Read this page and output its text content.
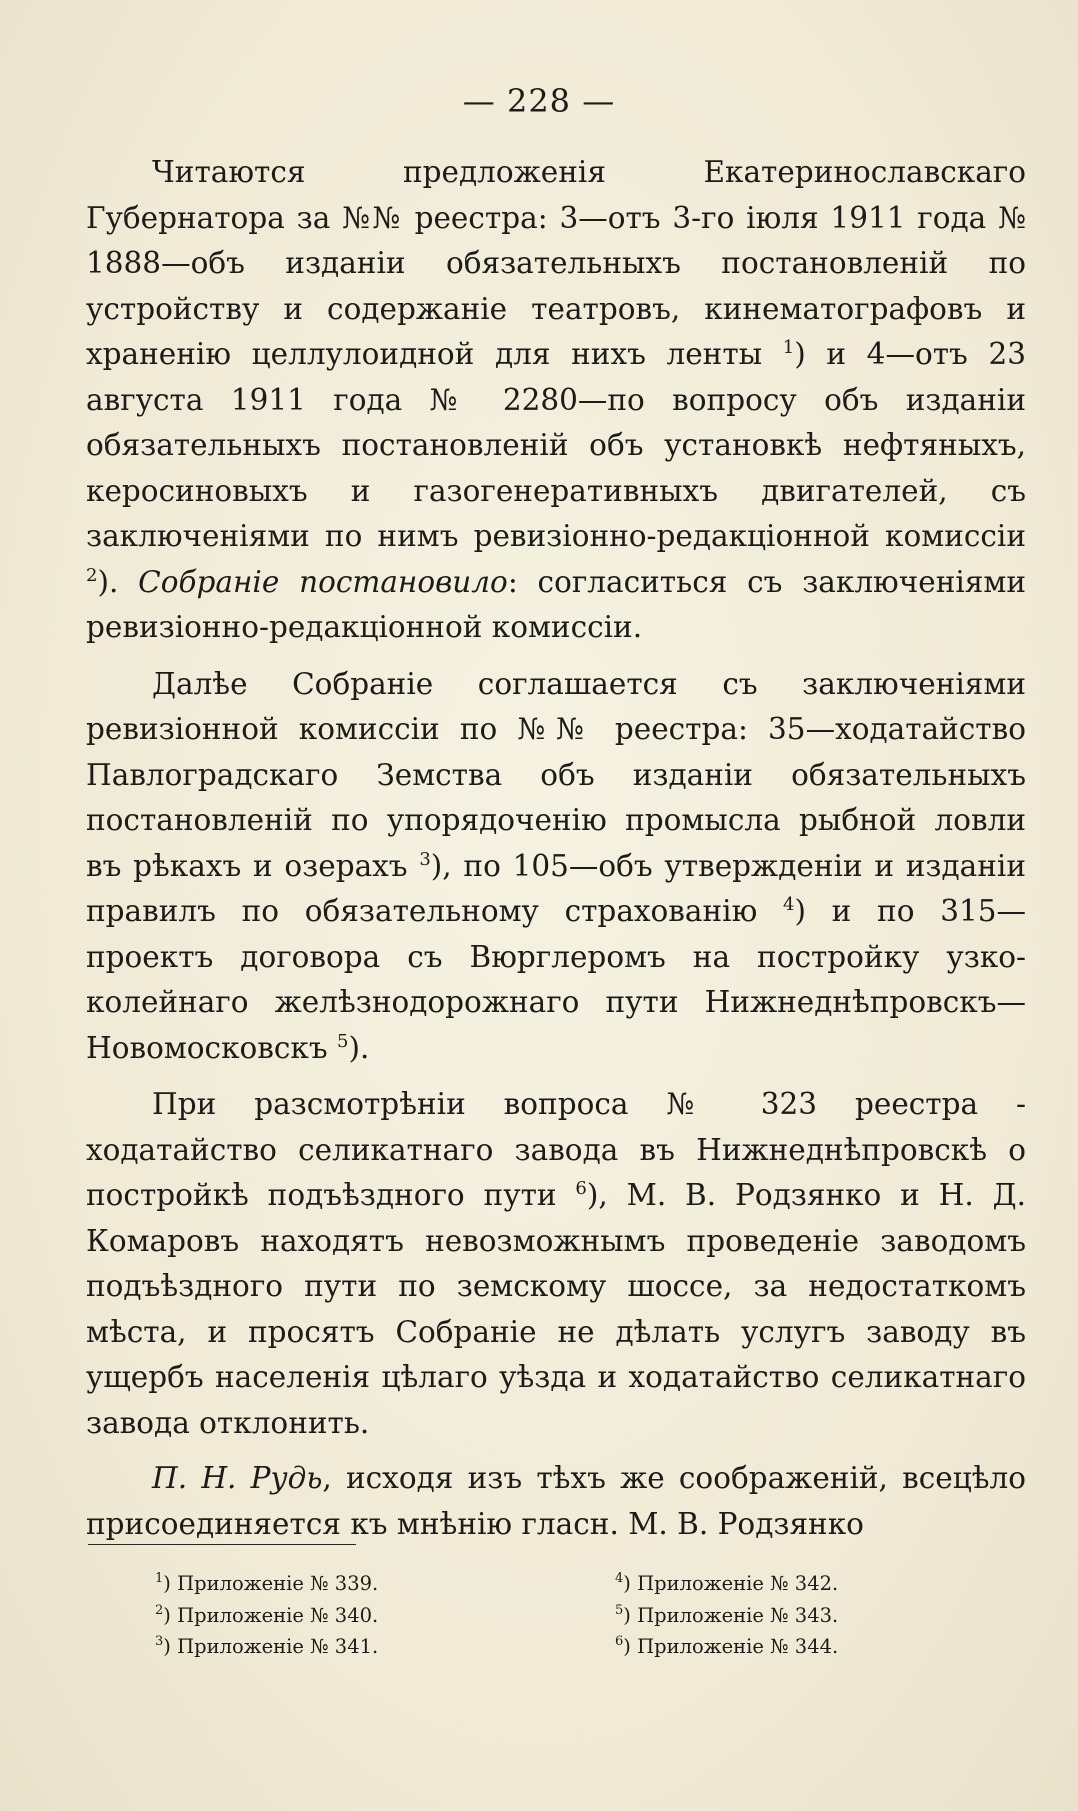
— 228 —

Читаются предложенія Екатеринославскаго Губернатора за №№ реестра: 3—отъ 3-го іюля 1911 года № 1888—объ изданіи обязательныхъ постановленій по устройству и содержаніе театровъ, кинематографовъ и храненію целлулоидной для нихъ ленты $^1$) и 4—отъ 23 августа 1911 года № 2280—по вопросу объ изданіи обязательныхъ постановленій объ установкѣ нефтяныхъ, керосиновыхъ и газогенеративныхъ двигателей, съ заключеніями по нимъ ревизіонно-редакціонной комиссіи $^2$). Собраніе постановило: согласиться съ заключеніями ревизіонно-редакціонной комиссіи.

Далѣе Собраніе соглашается съ заключеніями ревизіонной комиссіи по №№ реестра: 35—ходатайство Павлоградскаго Земства объ изданіи обязательныхъ постановленій по упорядоченію промысла рыбной ловли въ рѣкахъ и озерахъ $^3$), по 105—объ утвержденіи и изданіи правилъ по обязательному страхованію $^4$) и по 315—проектъ договора съ Вюрглеромъ на постройку узко-колейнаго желѣзнодорожнаго пути Нижнеднѣпровскъ—Новомосковскъ $^5$).

При разсмотрѣніи вопроса № 323 реестра - ходатайство селикатнаго завода въ Нижнеднѣпровскѣ о постройкѣ подъѣздного пути $^6$), М. В. Родзянко и Н. Д. Комаровъ находятъ невозможнымъ проведеніе заводомъ подъѣздного пути по земскому шоссе, за недостаткомъ мѣста, и просятъ Собраніе не дѣлать услугъ заводу въ ущербъ населенія цѣлаго уѣзда и ходатайство селикатнаго завода отклонить.

П. Н. Рудь, исходя изъ тѣхъ же соображеній, всецѣло присоединяется къ мнѣнію гласн. М. В. Родзянко

$^1$) Приложеніе № 339.
$^2$) Приложеніе № 340.
$^3$) Приложеніе № 341.
$^4$) Приложеніе № 342.
$^5$) Приложеніе № 343.
$^6$) Приложеніе № 344.
